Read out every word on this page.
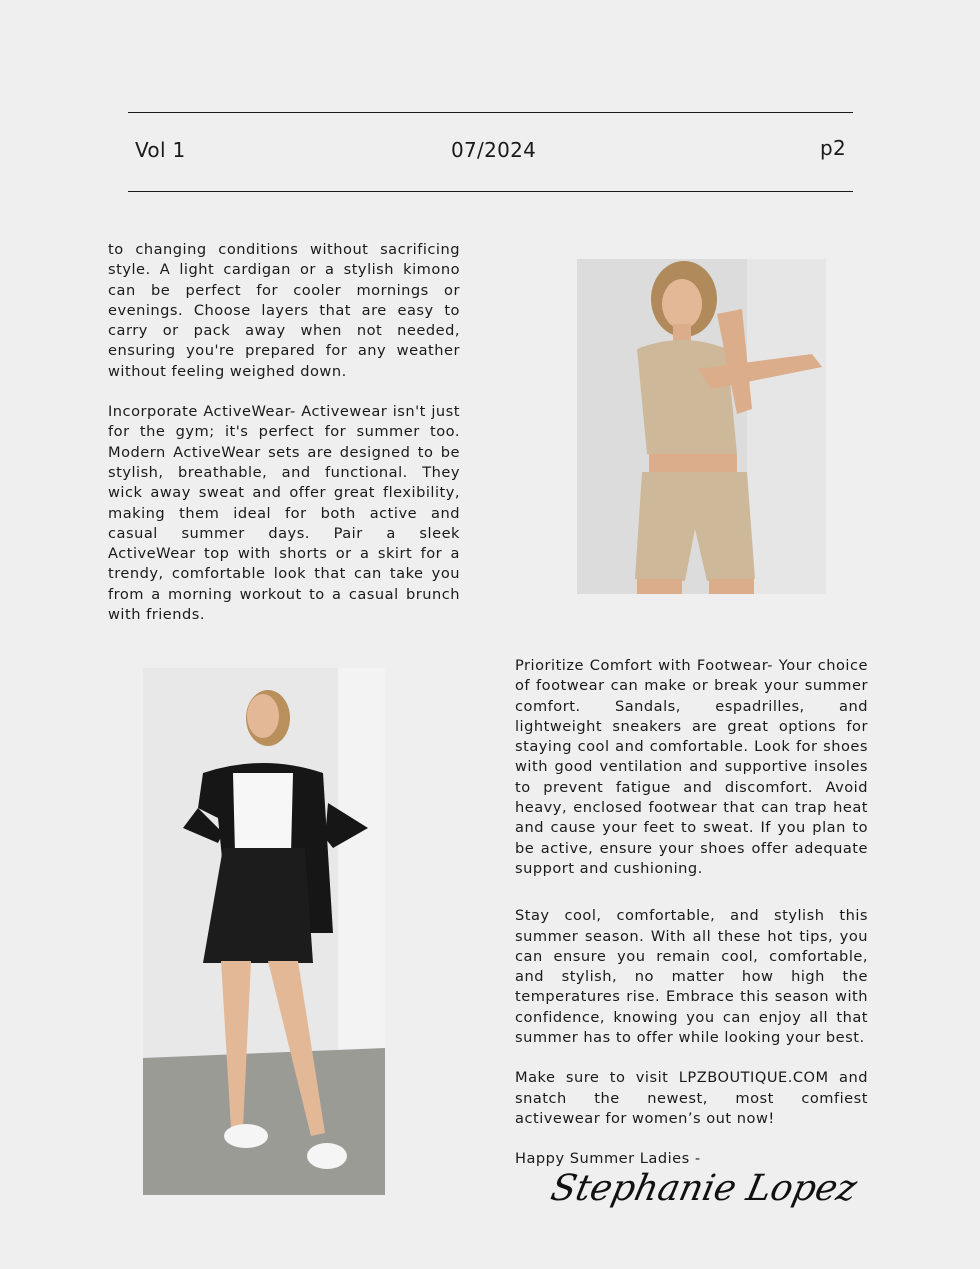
Vol 1	07/2024	p2

to changing conditions without sacrificing style. A light cardigan or a stylish kimono can be perfect for cooler mornings or evenings. Choose layers that are easy to carry or pack away when not needed, ensuring you're prepared for any weather without feeling weighed down.

Incorporate ActiveWear- Activewear isn't just for the gym; it's perfect for summer too. Modern ActiveWear sets are designed to be stylish, breathable, and functional. They wick away sweat and offer great flexibility, making them ideal for both active and casual summer days. Pair a sleek ActiveWear top with shorts or a skirt for a trendy, comfortable look that can take you from a morning workout to a casual brunch with friends.

Prioritize Comfort with Footwear- Your choice of footwear can make or break your summer comfort. Sandals, espadrilles, and lightweight sneakers are great options for staying cool and comfortable. Look for shoes with good ventilation and supportive insoles to prevent fatigue and discomfort. Avoid heavy, enclosed footwear that can trap heat and cause your feet to sweat. If you plan to be active, ensure your shoes offer adequate support and cushioning.

Stay cool, comfortable, and stylish this summer season. With all these hot tips, you can ensure you remain cool, comfortable, and stylish, no matter how high the temperatures rise. Embrace this season with confidence, knowing you can enjoy all that summer has to offer while looking your best.

Make sure to visit LPZBOUTIQUE.COM and snatch the newest, most comfiest activewear for women’s out now!

Happy Summer Ladies -

Stephanie Lopez
